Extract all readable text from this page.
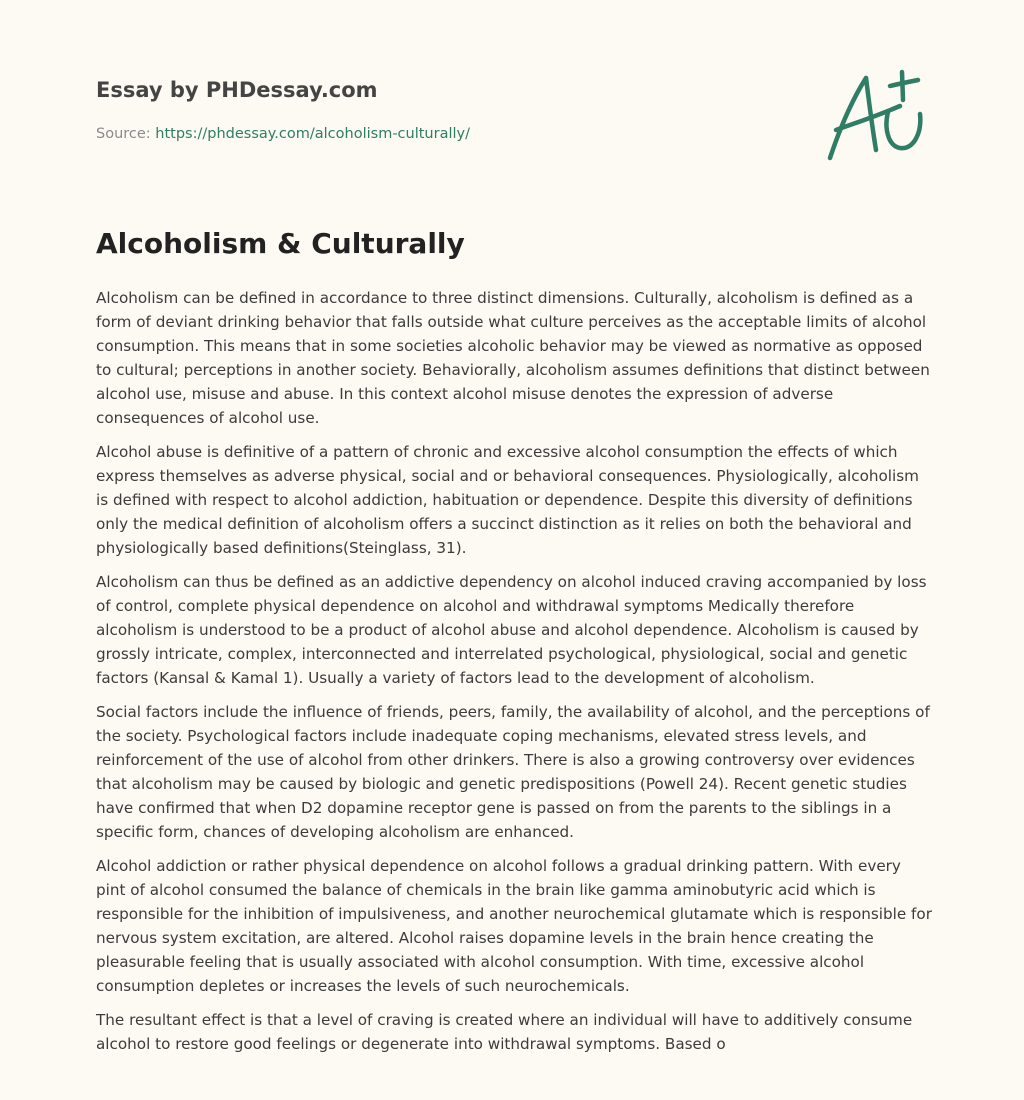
Essay by PHDessay.com
Source: https://phdessay.com/alcoholism-culturally/
Alcoholism & Culturally

Alcoholism can be defined in accordance to three distinct dimensions. Culturally, alcoholism is defined as a form of deviant drinking behavior that falls outside what culture perceives as the acceptable limits of alcohol consumption. This means that in some societies alcoholic behavior may be viewed as normative as opposed to cultural; perceptions in another society. Behaviorally, alcoholism assumes definitions that distinct between alcohol use, misuse and abuse. In this context alcohol misuse denotes the expression of adverse consequences of alcohol use.

Alcohol abuse is definitive of a pattern of chronic and excessive alcohol consumption the effects of which express themselves as adverse physical, social and or behavioral consequences. Physiologically, alcoholism is defined with respect to alcohol addiction, habituation or dependence. Despite this diversity of definitions only the medical definition of alcoholism offers a succinct distinction as it relies on both the behavioral and physiologically based definitions(Steinglass, 31).

Alcoholism can thus be defined as an addictive dependency on alcohol induced craving accompanied by loss of control, complete physical dependence on alcohol and withdrawal symptoms Medically therefore alcoholism is understood to be a product of alcohol abuse and alcohol dependence. Alcoholism is caused by grossly intricate, complex, interconnected and interrelated psychological, physiological, social and genetic factors (Kansal & Kamal 1). Usually a variety of factors lead to the development of alcoholism.

Social factors include the influence of friends, peers, family, the availability of alcohol, and the perceptions of the society. Psychological factors include inadequate coping mechanisms, elevated stress levels, and reinforcement of the use of alcohol from other drinkers. There is also a growing controversy over evidences that alcoholism may be caused by biologic and genetic predispositions (Powell 24). Recent genetic studies have confirmed that when D2 dopamine receptor gene is passed on from the parents to the siblings in a specific form, chances of developing alcoholism are enhanced.

Alcohol addiction or rather physical dependence on alcohol follows a gradual drinking pattern. With every pint of alcohol consumed the balance of chemicals in the brain like gamma aminobutyric acid which is responsible for the inhibition of impulsiveness, and another neurochemical glutamate which is responsible for nervous system excitation, are altered. Alcohol raises dopamine levels in the brain hence creating the pleasurable feeling that is usually associated with alcohol consumption. With time, excessive alcohol consumption depletes or increases the levels of such neurochemicals.

The resultant effect is that a level of craving is created where an individual will have to additively consume alcohol to restore good feelings or degenerate into withdrawal symptoms. Based o
